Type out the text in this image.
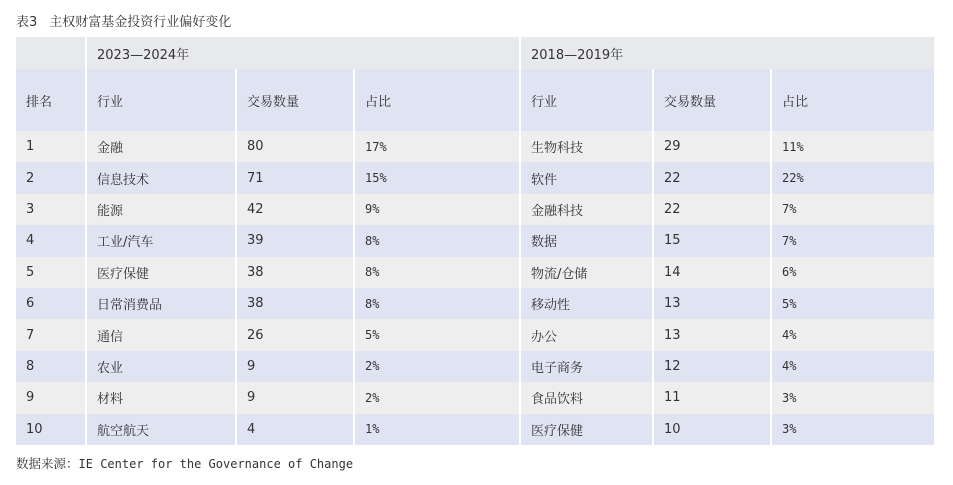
表3 主权财富基金投资行业偏好变化
	2023—2024年			2018—2019年		
排名	行业	交易数量	占比	行业	交易数量	占比
1	金融	80	17%	生物科技	29	11%
2	信息技术	71	15%	软件	22	22%
3	能源	42	9%	金融科技	22	7%
4	工业/汽车	39	8%	数据	15	7%
5	医疗保健	38	8%	物流/仓储	14	6%
6	日常消费品	38	8%	移动性	13	5%
7	通信	26	5%	办公	13	4%
8	农业	9	2%	电子商务	12	4%
9	材料	9	2%	食品饮料	11	3%
10	航空航天	4	1%	医疗保健	10	3%
数据来源：IE Center for the Governance of Change
